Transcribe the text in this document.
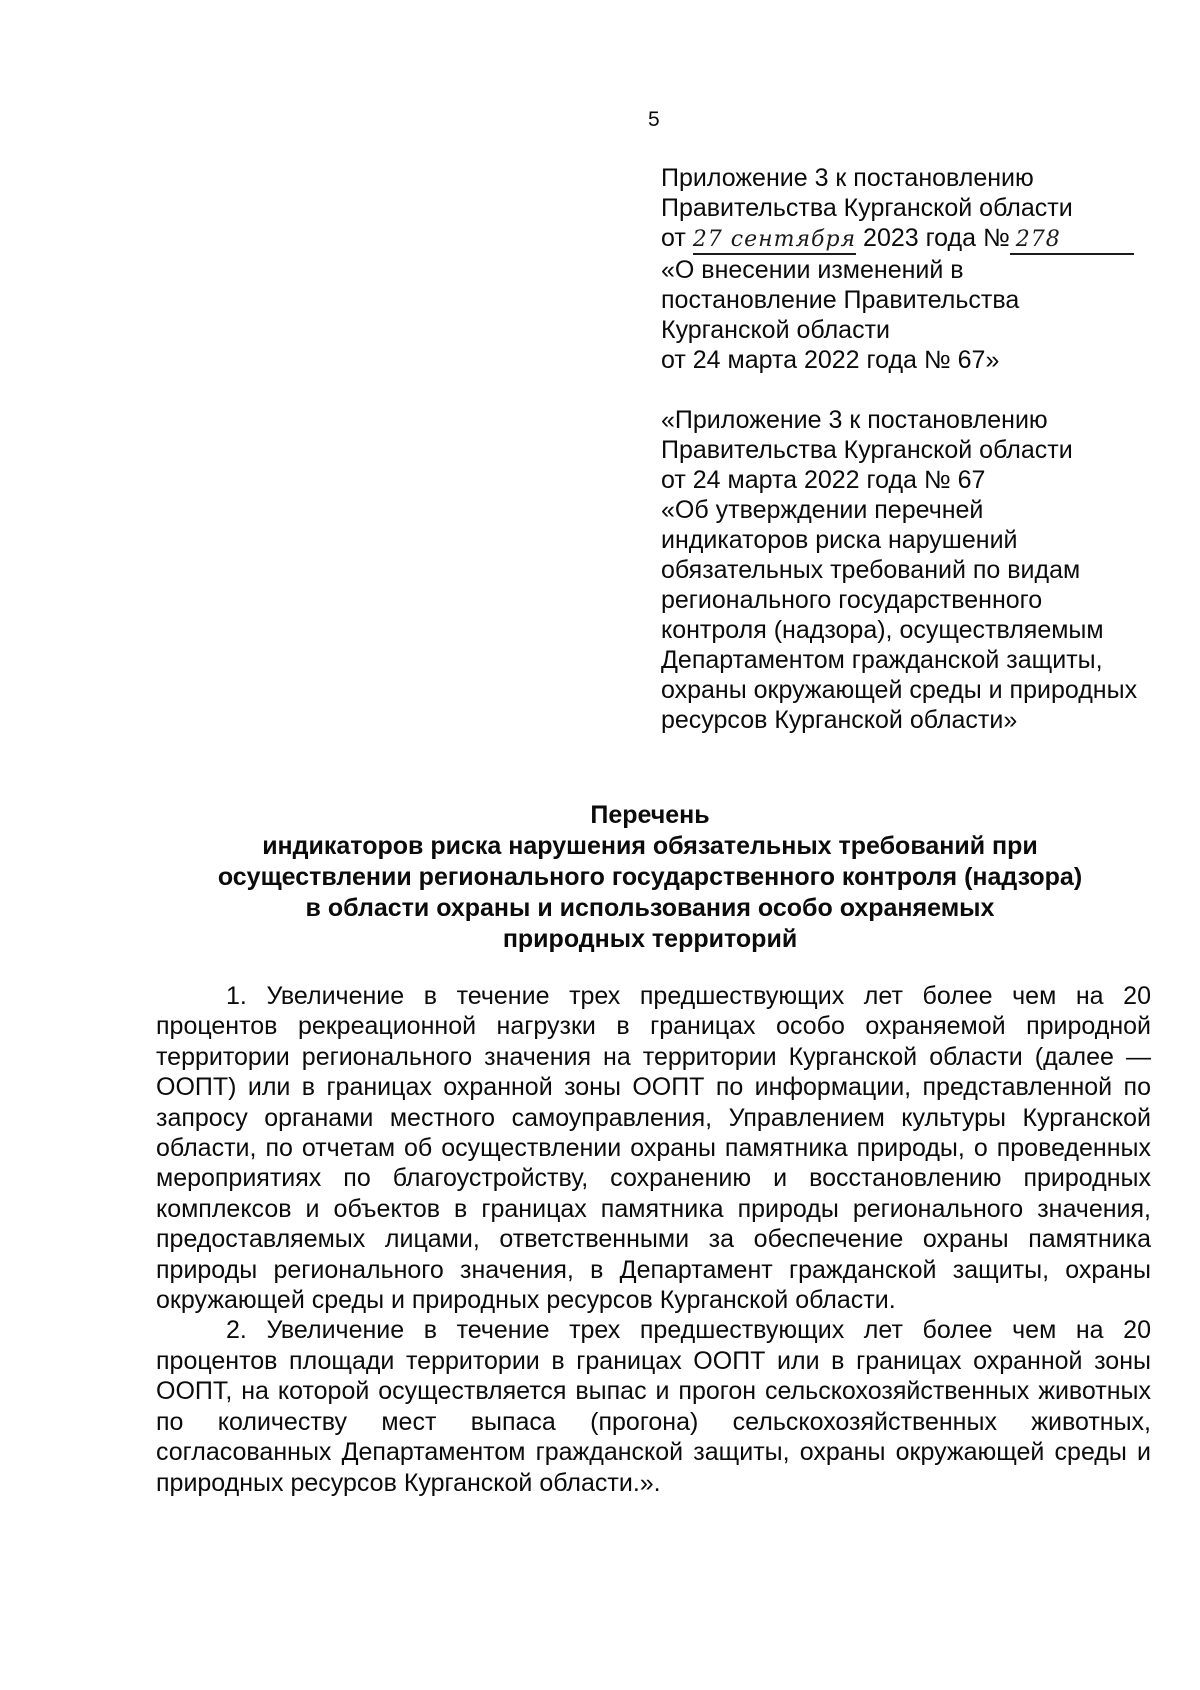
5
Приложение 3 к постановлению
Правительства Курганской области
от 27 сентября 2023 года № 278
«О внесении изменений в
постановление Правительства
Курганской области
от 24 марта 2022 года № 67»
«Приложение 3 к постановлению
Правительства Курганской области
от 24 марта 2022 года № 67
«Об утверждении перечней
индикаторов риска нарушений
обязательных требований по видам
регионального государственного
контроля (надзора), осуществляемым
Департаментом гражданской защиты,
охраны окружающей среды и природных
ресурсов Курганской области»
Перечень
индикаторов риска нарушения обязательных требований при
осуществлении регионального государственного контроля (надзора)
в области охраны и использования особо охраняемых
природных территорий

1. Увеличение в течение трех предшествующих лет более чем на 20 процентов рекреационной нагрузки в границах особо охраняемой природной территории регионального значения на территории Курганской области (далее — ООПТ) или в границах охранной зоны ООПТ по информации, представленной по запросу органами местного самоуправления, Управлением культуры Курганской области, по отчетам об осуществлении охраны памятника природы, о проведенных мероприятиях по благоустройству, сохранению и восстановлению природных комплексов и объектов в границах памятника природы регионального значения, предоставляемых лицами, ответственными за обеспечение охраны памятника природы регионального значения, в Департамент гражданской защиты, охраны окружающей среды и природных ресурсов Курганской области.

2. Увеличение в течение трех предшествующих лет более чем на 20 процентов площади территории в границах ООПТ или в границах охранной зоны ООПТ, на которой осуществляется выпас и прогон сельскохозяйственных животных по количеству мест выпаса (прогона) сельскохозяйственных животных, согласованных Департаментом гражданской защиты, охраны окружающей среды и природных ресурсов Курганской области.».
